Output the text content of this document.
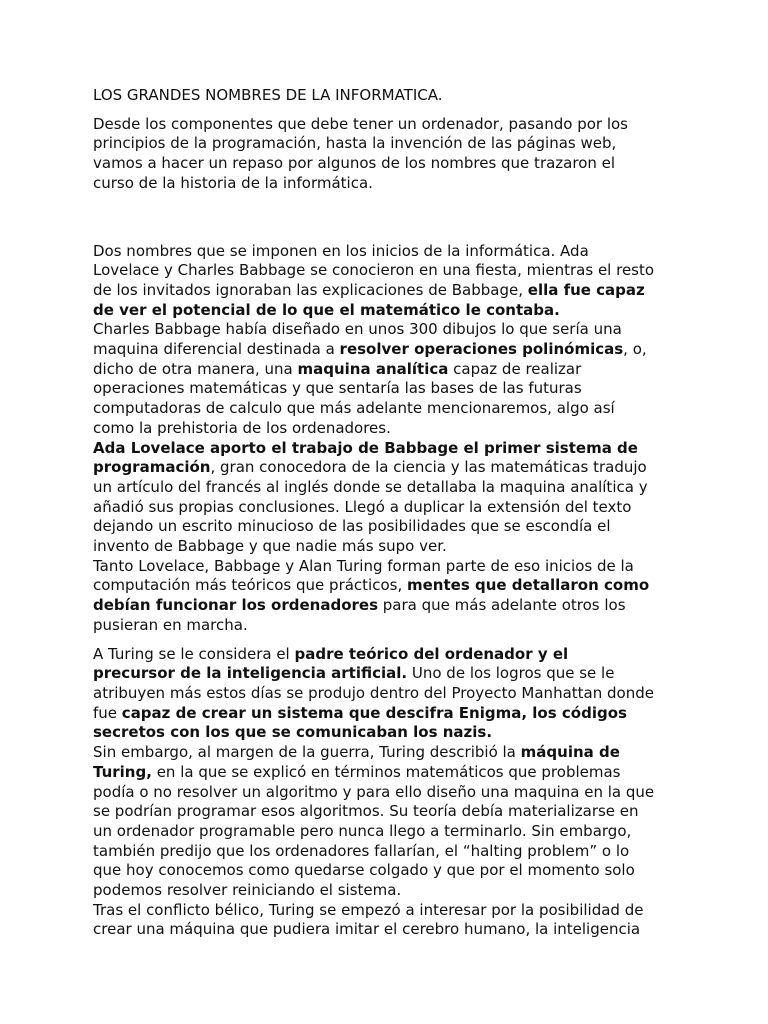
LOS GRANDES NOMBRES DE LA INFORMATICA.

Desde los componentes que debe tener un ordenador, pasando por los

principios de la programación, hasta la invención de las páginas web,

vamos a hacer un repaso por algunos de los nombres que trazaron el

curso de la historia de la informática.

Dos nombres que se imponen en los inicios de la informática. Ada

Lovelace y Charles Babbage se conocieron en una fiesta, mientras el resto

de los invitados ignoraban las explicaciones de Babbage, ella fue capaz

de ver el potencial de lo que el matemático le contaba.

Charles Babbage había diseñado en unos 300 dibujos lo que sería una

maquina diferencial destinada a resolver operaciones polinómicas, o,

dicho de otra manera, una maquina analítica capaz de realizar

operaciones matemáticas y que sentaría las bases de las futuras

computadoras de calculo que más adelante mencionaremos, algo así

como la prehistoria de los ordenadores.

Ada Lovelace aporto el trabajo de Babbage el primer sistema de

programación, gran conocedora de la ciencia y las matemáticas tradujo

un artículo del francés al inglés donde se detallaba la maquina analítica y

añadió sus propias conclusiones. Llegó a duplicar la extensión del texto

dejando un escrito minucioso de las posibilidades que se escondía el

invento de Babbage y que nadie más supo ver.

Tanto Lovelace, Babbage y Alan Turing forman parte de eso inicios de la

computación más teóricos que prácticos, mentes que detallaron como

debían funcionar los ordenadores para que más adelante otros los

pusieran en marcha.

A Turing se le considera el padre teórico del ordenador y el

precursor de la inteligencia artificial. Uno de los logros que se le

atribuyen más estos días se produjo dentro del Proyecto Manhattan donde

fue capaz de crear un sistema que descifra Enigma, los códigos

secretos con los que se comunicaban los nazis.

Sin embargo, al margen de la guerra, Turing describió la máquina de

Turing, en la que se explicó en términos matemáticos que problemas

podía o no resolver un algoritmo y para ello diseño una maquina en la que

se podrían programar esos algoritmos. Su teoría debía materializarse en

un ordenador programable pero nunca llego a terminarlo. Sin embargo,

también predijo que los ordenadores fallarían, el “halting problem” o lo

que hoy conocemos como quedarse colgado y que por el momento solo

podemos resolver reiniciando el sistema.

Tras el conflicto bélico, Turing se empezó a interesar por la posibilidad de

crear una máquina que pudiera imitar el cerebro humano, la inteligencia
